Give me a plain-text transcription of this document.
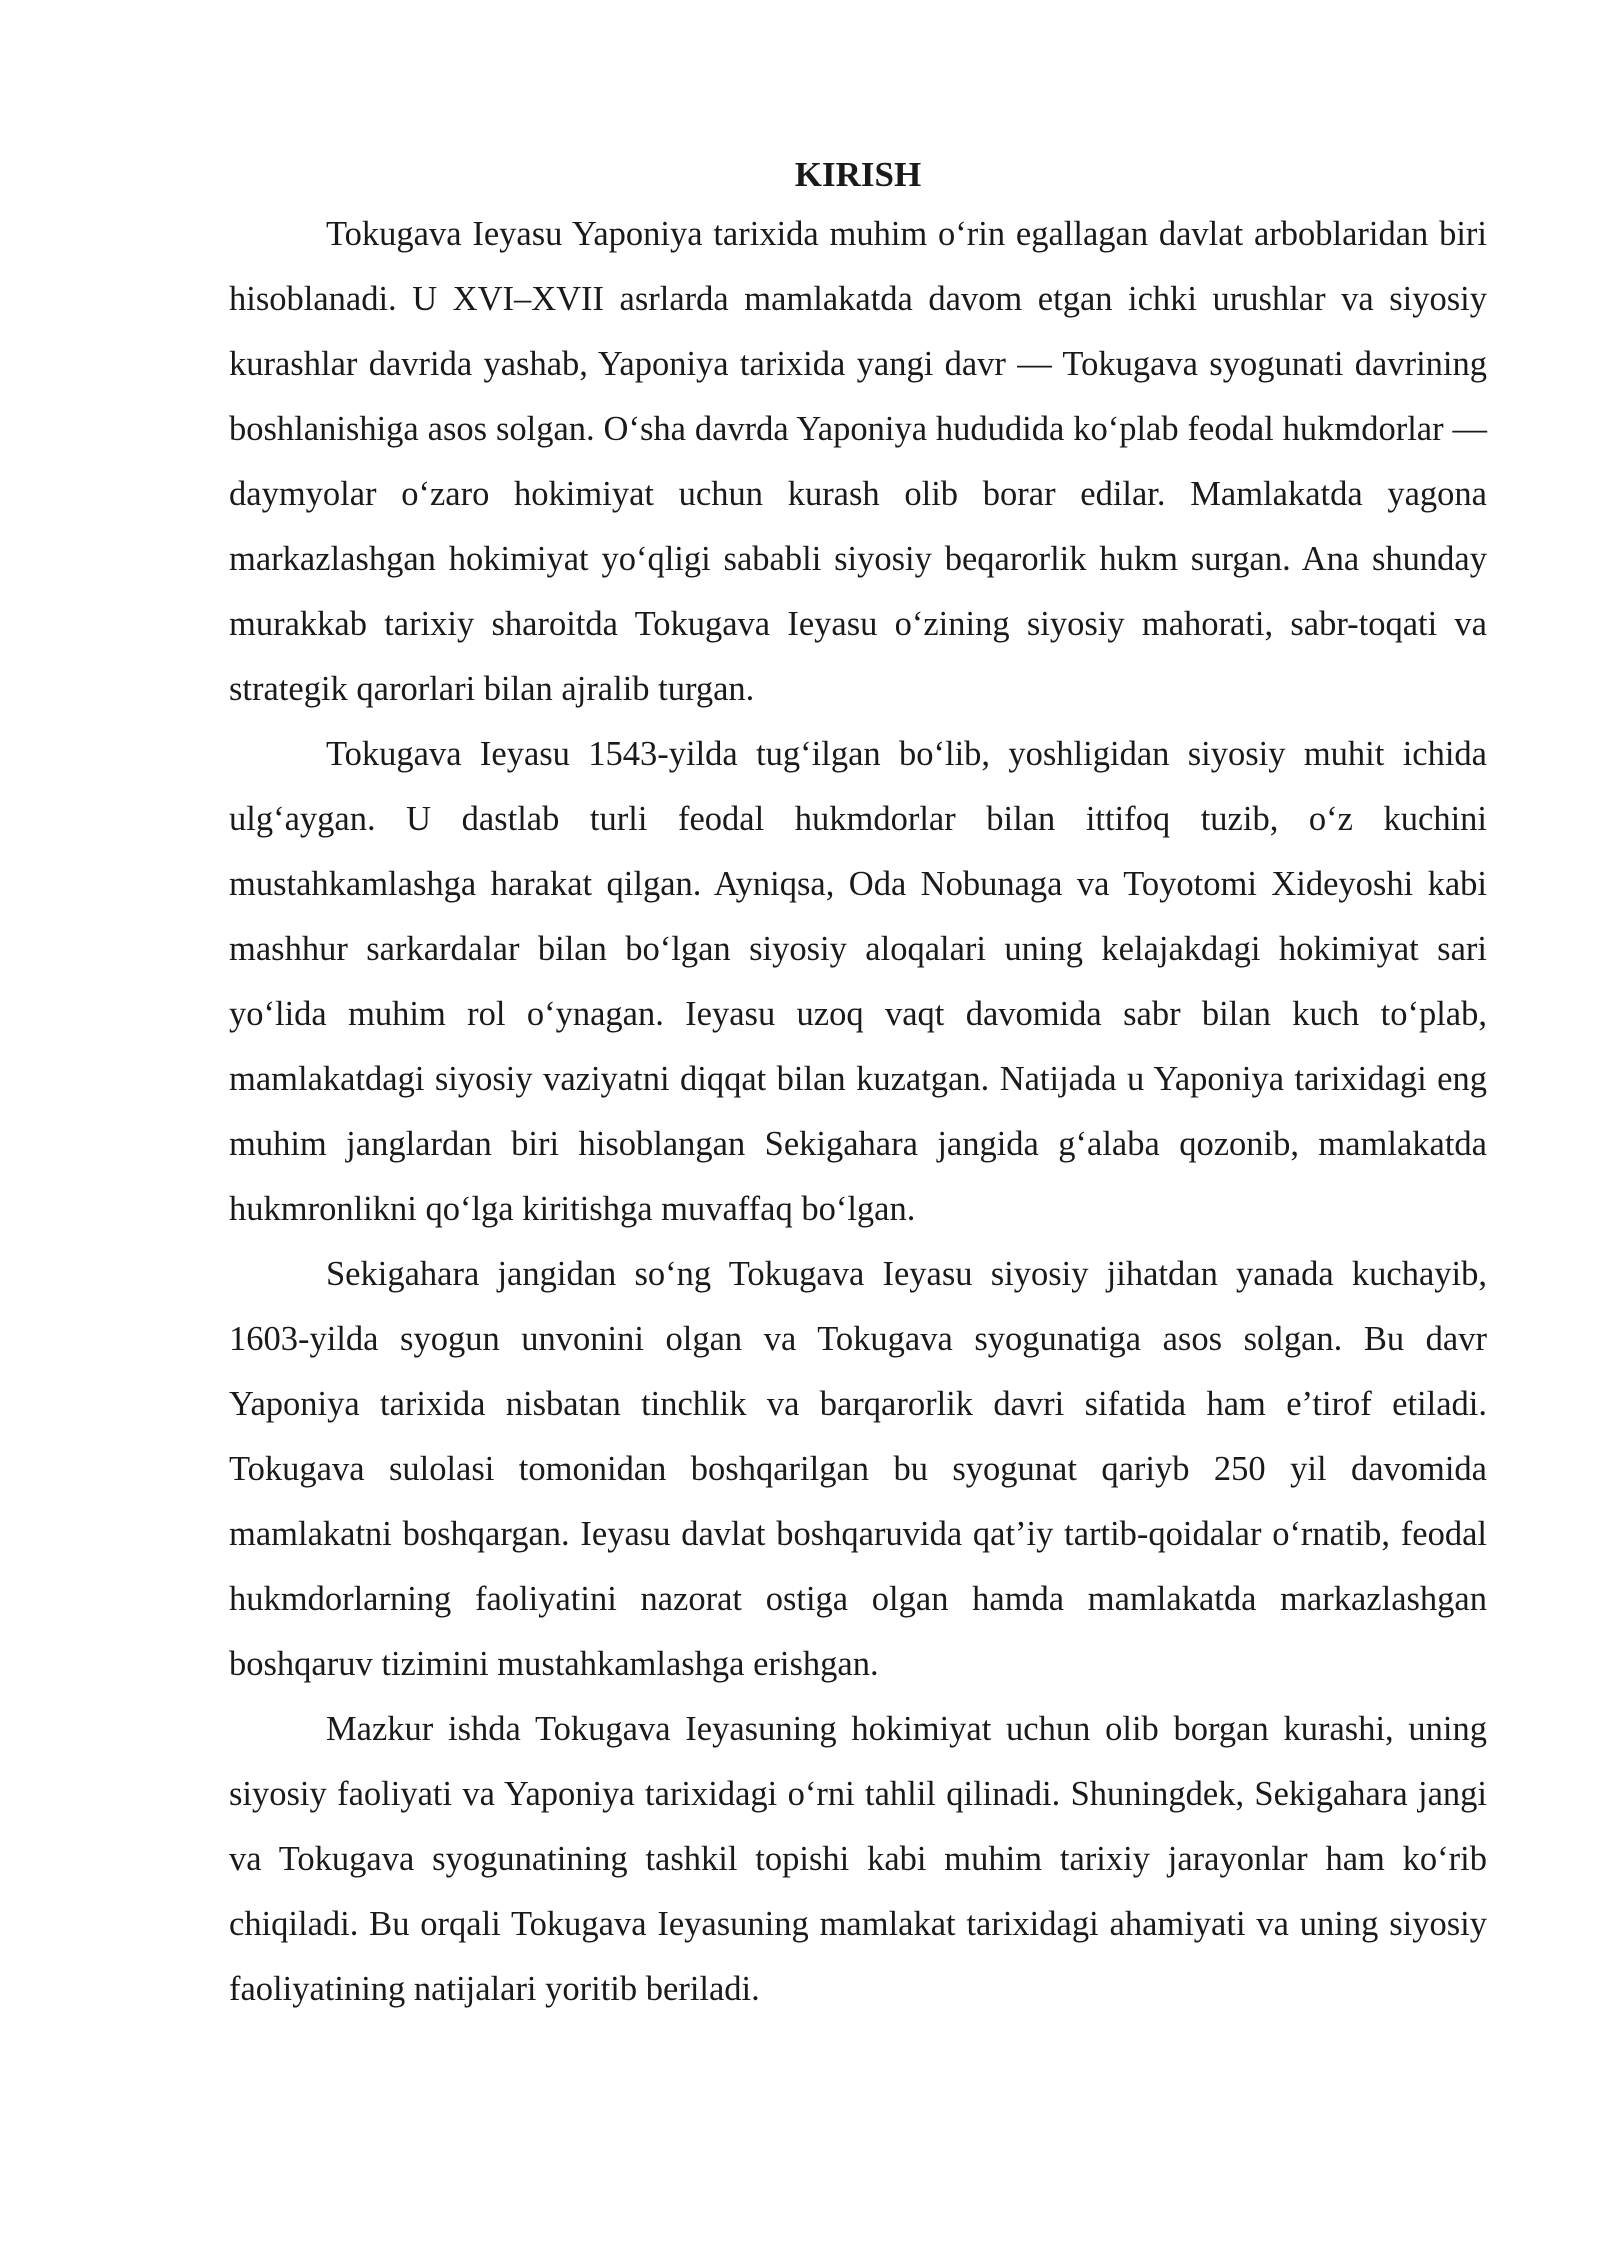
KIRISH

Tokugava Ieyasu Yaponiya tarixida muhim o‘rin egallagan davlat arboblaridan biri hisoblanadi. U XVI–XVII asrlarda mamlakatda davom etgan ichki urushlar va siyosiy kurashlar davrida yashab, Yaponiya tarixida yangi davr — Tokugava syogunati davrining boshlanishiga asos solgan. O‘sha davrda Yaponiya hududida ko‘plab feodal hukmdorlar — daymyolar o‘zaro hokimiyat uchun kurash olib borar edilar. Mamlakatda yagona markazlashgan hokimiyat yo‘qligi sababli siyosiy beqarorlik hukm surgan. Ana shunday murakkab tarixiy sharoitda Tokugava Ieyasu o‘zining siyosiy mahorati, sabr-toqati va strategik qarorlari bilan ajralib turgan.

Tokugava Ieyasu 1543-yilda tug‘ilgan bo‘lib, yoshligidan siyosiy muhit ichida ulg‘aygan. U dastlab turli feodal hukmdorlar bilan ittifoq tuzib, o‘z kuchini mustahkamlashga harakat qilgan. Ayniqsa, Oda Nobunaga va Toyotomi Xideyoshi kabi mashhur sarkardalar bilan bo‘lgan siyosiy aloqalari uning kelajakdagi hokimiyat sari yo‘lida muhim rol o‘ynagan. Ieyasu uzoq vaqt davomida sabr bilan kuch to‘plab, mamlakatdagi siyosiy vaziyatni diqqat bilan kuzatgan. Natijada u Yaponiya tarixidagi eng muhim janglardan biri hisoblangan Sekigahara jangida g‘alaba qozonib, mamlakatda hukmronlikni qo‘lga kiritishga muvaffaq bo‘lgan.

Sekigahara jangidan so‘ng Tokugava Ieyasu siyosiy jihatdan yanada kuchayib, 1603-yilda syogun unvonini olgan va Tokugava syogunatiga asos solgan. Bu davr Yaponiya tarixida nisbatan tinchlik va barqarorlik davri sifatida ham e’tirof etiladi. Tokugava sulolasi tomonidan boshqarilgan bu syogunat qariyb 250 yil davomida mamlakatni boshqargan. Ieyasu davlat boshqaruvida qat’iy tartib-qoidalar o‘rnatib, feodal hukmdorlarning faoliyatini nazorat ostiga olgan hamda mamlakatda markazlashgan boshqaruv tizimini mustahkamlashga erishgan.

Mazkur ishda Tokugava Ieyasuning hokimiyat uchun olib borgan kurashi, uning siyosiy faoliyati va Yaponiya tarixidagi o‘rni tahlil qilinadi. Shuningdek, Sekigahara jangi va Tokugava syogunatining tashkil topishi kabi muhim tarixiy jarayonlar ham ko‘rib chiqiladi. Bu orqali Tokugava Ieyasuning mamlakat tarixidagi ahamiyati va uning siyosiy faoliyatining natijalari yoritib beriladi.
